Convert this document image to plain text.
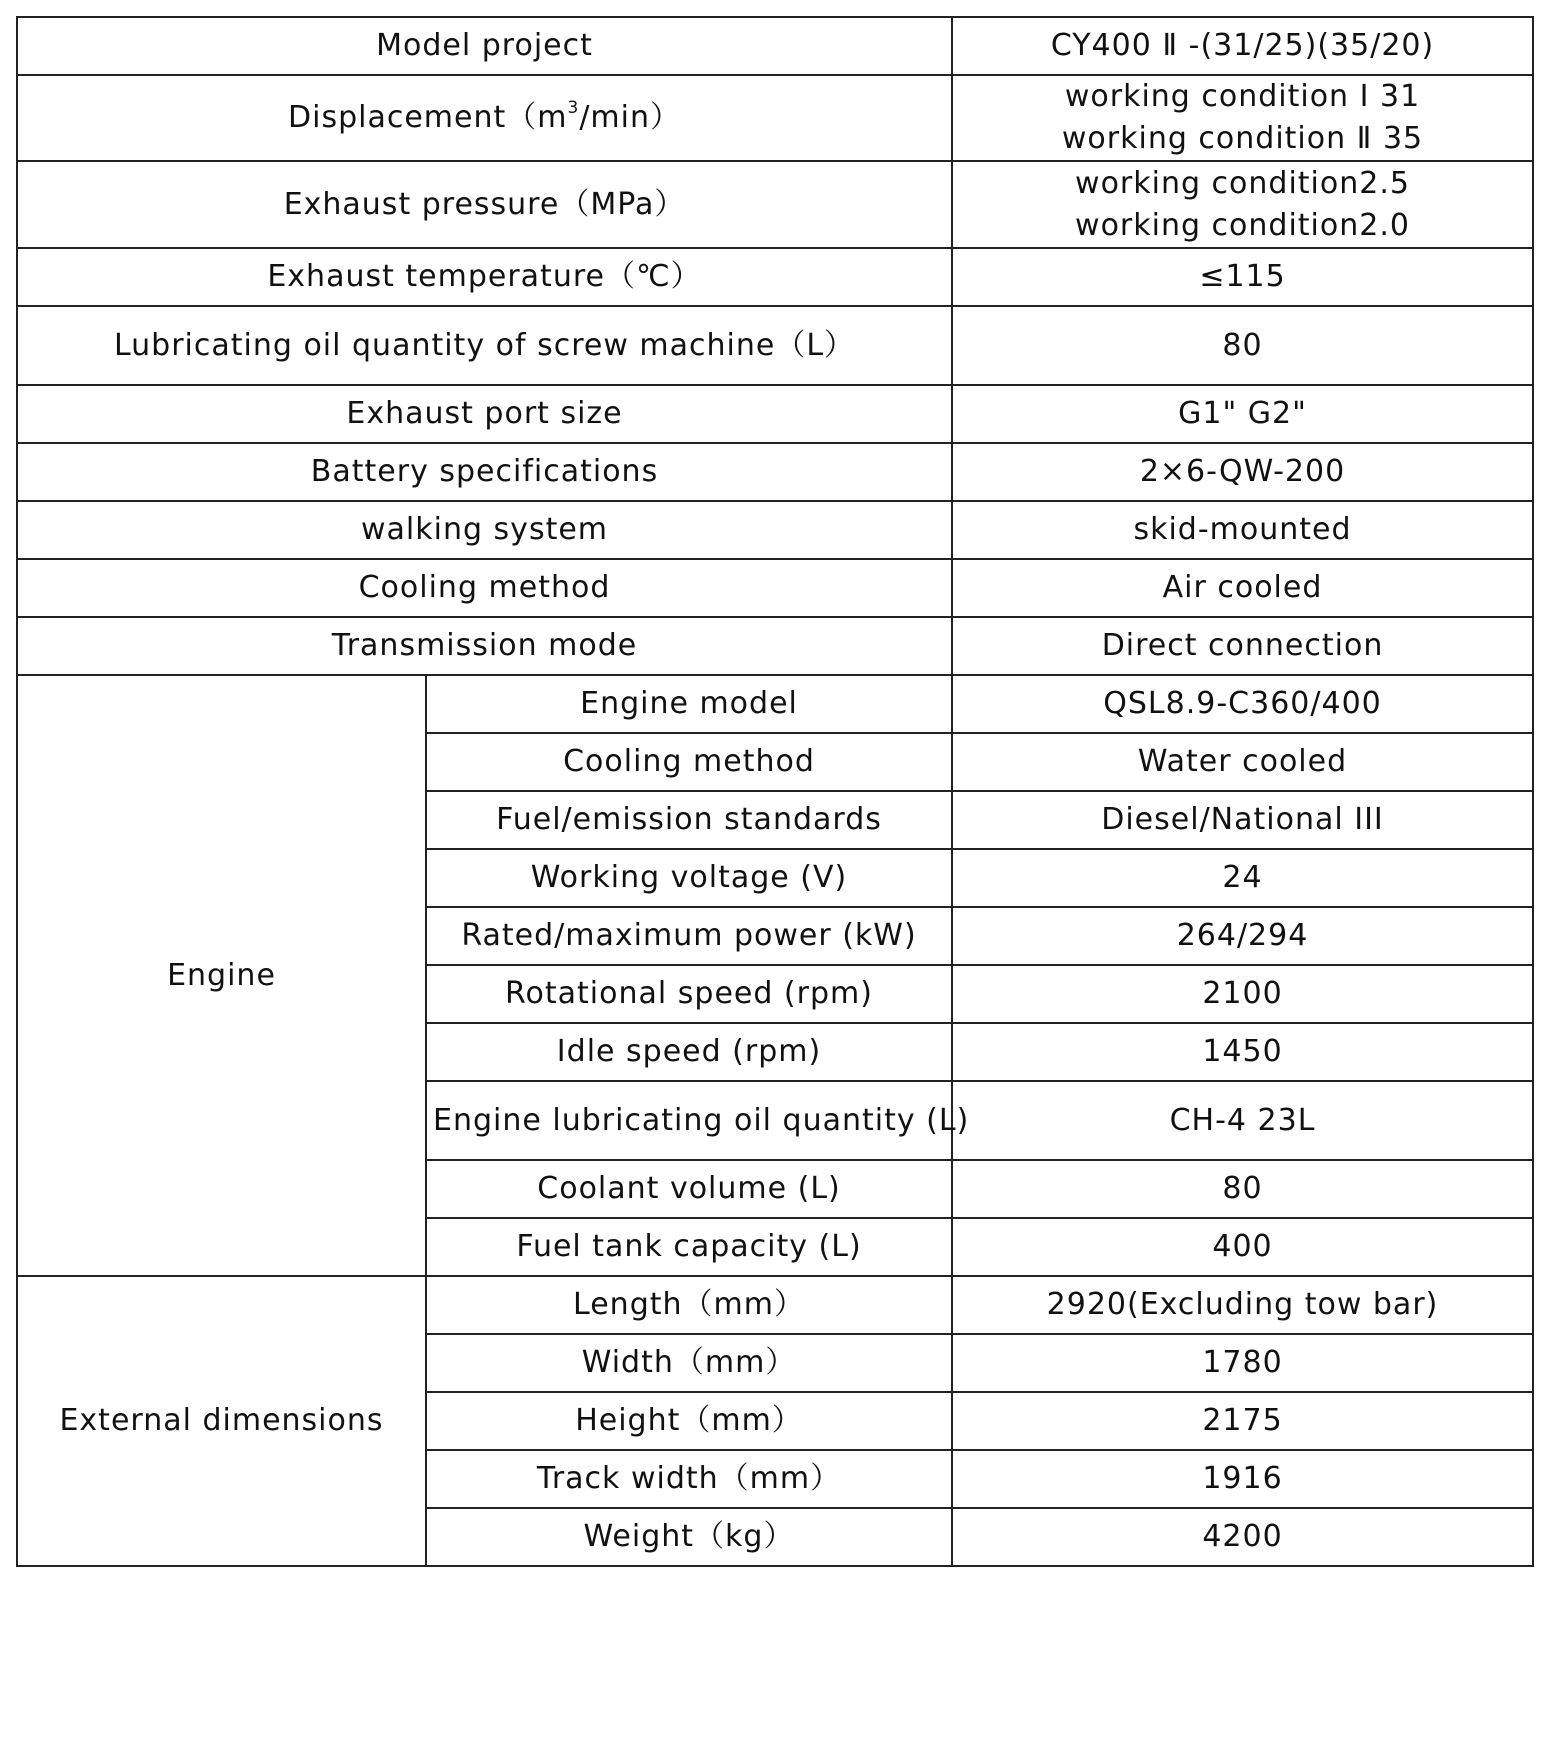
Model project		CY400 Ⅱ -(31/25)(35/20)
$Displacement(m^3/\min)$		working condition Ⅰ 31
working condition Ⅱ 35

Exhaust pressure（MPa）		working condition2.5
working condition2.0

Exhaust temperature（℃）		≤115
Lubricating oil quantity of screw machine（L）		80
Exhaust port size		G1" G2"
Battery specifications		2×6-QW-200
walking system		skid-mounted
Cooling method		Air cooled
Transmission mode		Direct connection
Engine	Engine model	QSL8.9-C360/400
	Cooling method	Water cooled
	Fuel/emission standards	Diesel/National III
	Working voltage (V)	24
	Rated/maximum power (kW)	264/294
	Rotational speed (rpm)	2100
	Idle speed (rpm)	1450
	Engine lubricating oil quantity (L)	CH-4 23L
	Coolant volume (L)	80
	Fuel tank capacity (L)	400
External dimensions	Length（mm）	2920(Excluding tow bar)
	Width（mm）	1780
	Height（mm）	2175
	Track width（mm）	1916
	Weight（kg）	4200
